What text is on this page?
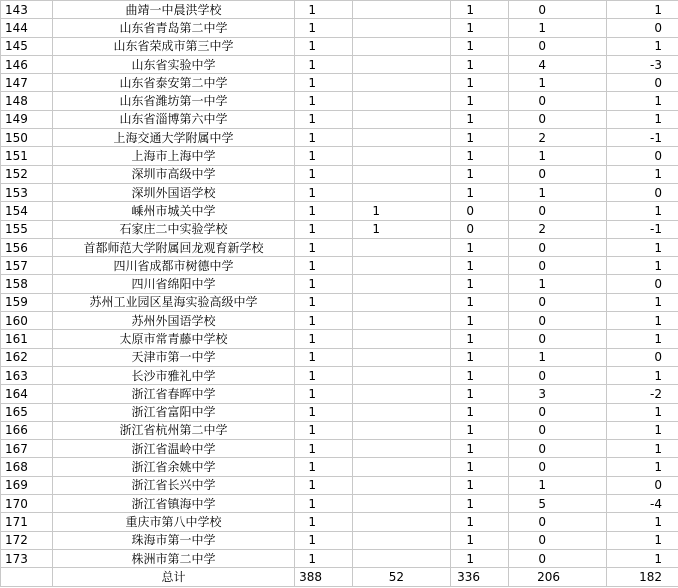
143	曲靖一中晨洪学校	1		1	0	1
144	山东省青岛第二中学	1		1	1	0
145	山东省荣成市第三中学	1		1	0	1
146	山东省实验中学	1		1	4	-3
147	山东省泰安第二中学	1		1	1	0
148	山东省潍坊第一中学	1		1	0	1
149	山东省淄博第六中学	1		1	0	1
150	上海交通大学附属中学	1		1	2	-1
151	上海市上海中学	1		1	1	0
152	深圳市高级中学	1		1	0	1
153	深圳外国语学校	1		1	1	0
154	嵊州市城关中学	1	1	0	0	1
155	石家庄二中实验学校	1	1	0	2	-1
156	首都师范大学附属回龙观育新学校	1		1	0	1
157	四川省成都市树德中学	1		1	0	1
158	四川省绵阳中学	1		1	1	0
159	苏州工业园区星海实验高级中学	1		1	0	1
160	苏州外国语学校	1		1	0	1
161	太原市常青藤中学校	1		1	0	1
162	天津市第一中学	1		1	1	0
163	长沙市雅礼中学	1		1	0	1
164	浙江省春晖中学	1		1	3	-2
165	浙江省富阳中学	1		1	0	1
166	浙江省杭州第二中学	1		1	0	1
167	浙江省温岭中学	1		1	0	1
168	浙江省余姚中学	1		1	0	1
169	浙江省长兴中学	1		1	1	0
170	浙江省镇海中学	1		1	5	-4
171	重庆市第八中学校	1		1	0	1
172	珠海市第一中学	1		1	0	1
173	株洲市第二中学	1		1	0	1
	总计	388	52	336	206	182
